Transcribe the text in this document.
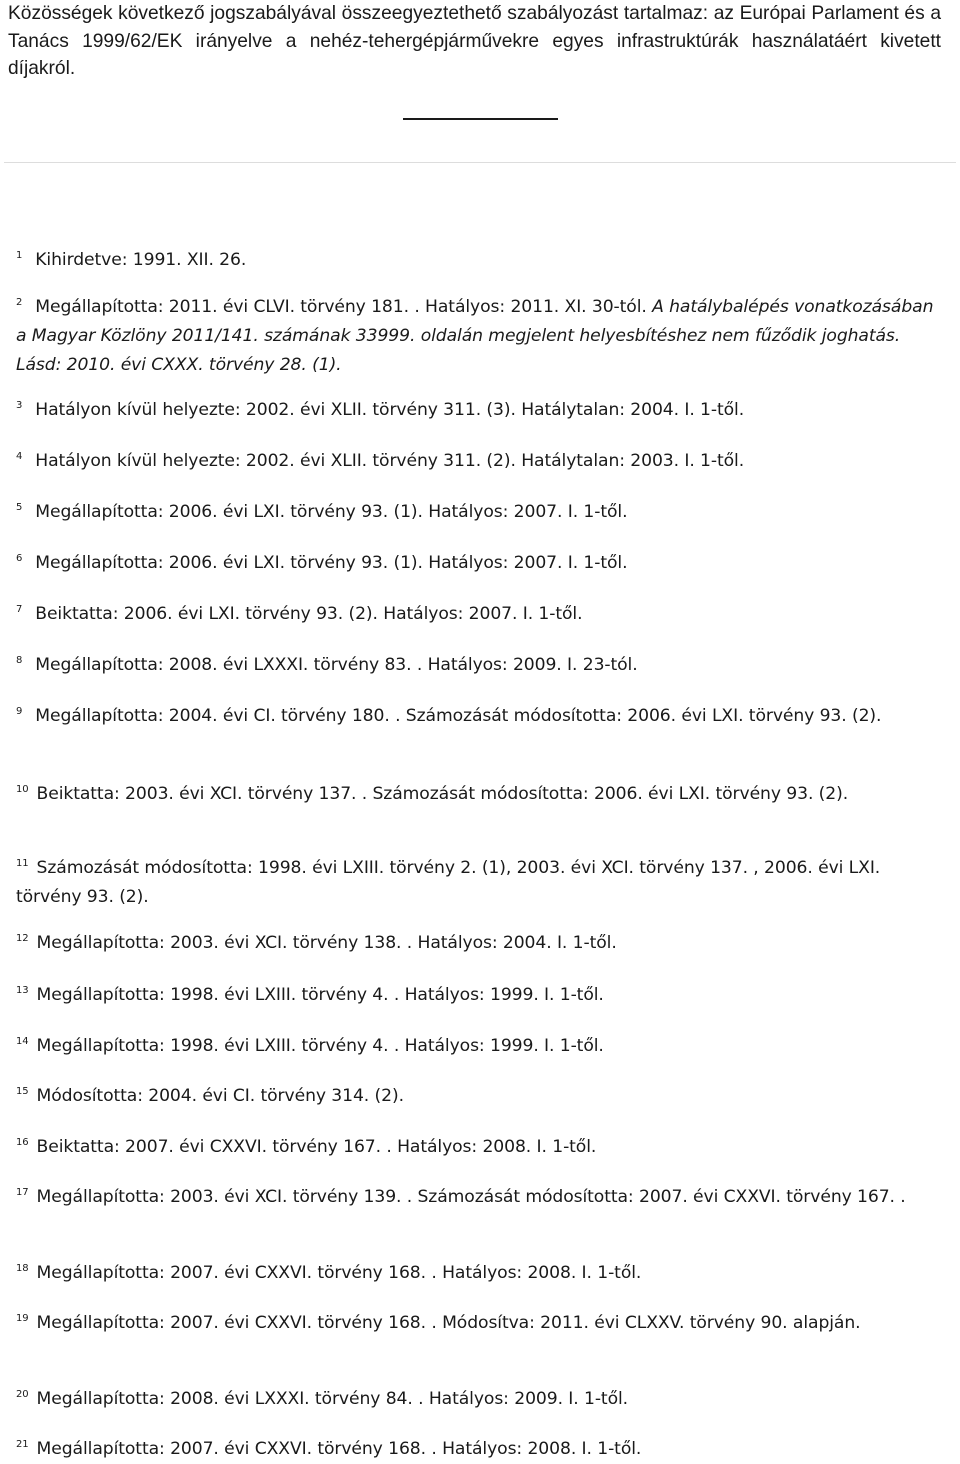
Közösségek következő jogszabályával összeegyeztethető szabályozást tartalmaz: az Európai Parlament és a Tanács 1999/62/EK irányelve a nehéz-tehergépjárművekre egyes infrastruktúrák használatáért kivetett díjakról.

$^1$ Kihirdetve: 1991. XII. 26.

$^2$ Megállapította: 2011. évi CLVI. törvény 181. . Hatályos: 2011. XI. 30-tól. A hatálybalépés vonatkozásában a Magyar Közlöny 2011/141. számának 33999. oldalán megjelent helyesbítéshez nem fűződik joghatás. Lásd: 2010. évi CXXX. törvény 28. (1).

$^3$ Hatályon kívül helyezte: 2002. évi XLII. törvény 311. (3). Hatálytalan: 2004. I. 1-től.

$^4$ Hatályon kívül helyezte: 2002. évi XLII. törvény 311. (2). Hatálytalan: 2003. I. 1-től.

$^5$ Megállapította: 2006. évi LXI. törvény 93. (1). Hatályos: 2007. I. 1-től.

$^6$ Megállapította: 2006. évi LXI. törvény 93. (1). Hatályos: 2007. I. 1-től.

$^7$ Beiktatta: 2006. évi LXI. törvény 93. (2). Hatályos: 2007. I. 1-től.

$^8$ Megállapította: 2008. évi LXXXI. törvény 83. . Hatályos: 2009. I. 23-tól.

$^9$ Megállapította: 2004. évi CI. törvény 180. . Számozását módosította: 2006. évi LXI. törvény 93. (2).

$^{10}$ Beiktatta: 2003. évi XCI. törvény 137. . Számozását módosította: 2006. évi LXI. törvény 93. (2).

$^{11}$ Számozását módosította: 1998. évi LXIII. törvény 2. (1), 2003. évi XCI. törvény 137. , 2006. évi LXI. törvény 93. (2).

$^{12}$ Megállapította: 2003. évi XCI. törvény 138. . Hatályos: 2004. I. 1-től.

$^{13}$ Megállapította: 1998. évi LXIII. törvény 4. . Hatályos: 1999. I. 1-től.

$^{14}$ Megállapította: 1998. évi LXIII. törvény 4. . Hatályos: 1999. I. 1-től.

$^{15}$ Módosította: 2004. évi CI. törvény 314. (2).

$^{16}$ Beiktatta: 2007. évi CXXVI. törvény 167. . Hatályos: 2008. I. 1-től.

$^{17}$ Megállapította: 2003. évi XCI. törvény 139. . Számozását módosította: 2007. évi CXXVI. törvény 167. .

$^{18}$ Megállapította: 2007. évi CXXVI. törvény 168. . Hatályos: 2008. I. 1-től.

$^{19}$ Megállapította: 2007. évi CXXVI. törvény 168. . Módosítva: 2011. évi CLXXV. törvény 90. alapján.

$^{20}$ Megállapította: 2008. évi LXXXI. törvény 84. . Hatályos: 2009. I. 1-től.

$^{21}$ Megállapította: 2007. évi CXXVI. törvény 168. . Hatályos: 2008. I. 1-től.
